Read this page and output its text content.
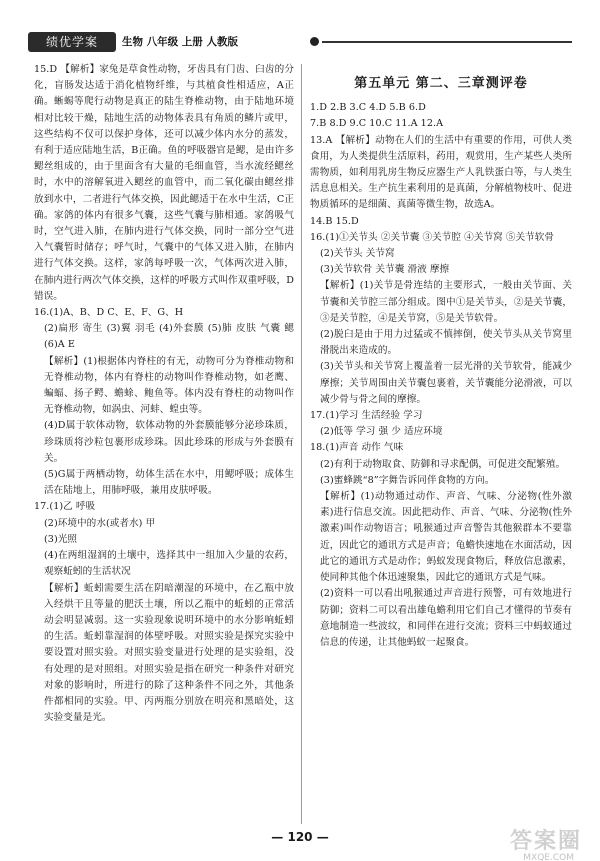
绩优学案	生物 八年级 上册 人教版

15.D 【解析】家兔是草食性动物，牙齿具有门齿、臼齿的分化，盲肠发达适于消化植物纤维，与其植食性相适应，A正确。蜥蜴等爬行动物是真正的陆生脊椎动物，由于陆地环境相对比较干燥，陆地生活的动物体表具有角质的鳞片或甲，这些结构不仅可以保护身体，还可以减少体内水分的蒸发，有利于适应陆地生活，B正确。鱼的呼吸器官是鳃，是由许多鳃丝组成的，由于里面含有大量的毛细血管，当水流经鳃丝时，水中的溶解氧进入鳃丝的血管中，而二氧化碳由鳃丝排放到水中，二者进行气体交换，因此鳃适于在水中生活，C正确。家鸽的体内有很多气囊，这些气囊与肺相通。家鸽吸气时，空气进入肺，在肺内进行气体交换，同时一部分空气进入气囊暂时储存；呼气时，气囊中的气体又进入肺，在肺内进行气体交换。这样，家鸽每呼吸一次，气体两次进入肺，在肺内进行两次气体交换，这样的呼吸方式叫作双重呼吸，D错误。

16.(1)A、B、D C、E、F、G、H

(2)扁形 寄生 (3)翼 羽毛 (4)外套膜 (5)肺 皮肤 气囊 鳃 (6)A E

【解析】(1)根据体内脊柱的有无，动物可分为脊椎动物和无脊椎动物，体内有脊柱的动物叫作脊椎动物，如老鹰、蝙蝠、扬子鳄、蟾蜍、鲍鱼等。体内没有脊柱的动物叫作无脊椎动物，如涡虫、河蚌、蝗虫等。

(4)D属于软体动物，软体动物的外套膜能够分泌珍珠质，珍珠质将沙粒包裹形成珍珠。因此珍珠的形成与外套膜有关。

(5)G属于两栖动物，幼体生活在水中，用鳃呼吸；成体生活在陆地上，用肺呼吸，兼用皮肤呼吸。

17.(1)乙 呼吸

(2)环境中的水(或者水) 甲

(3)光照

(4)在两组湿润的土壤中，选择其中一组加入少量的农药，观察蚯蚓的生活状况

【解析】蚯蚓需要生活在阴暗潮湿的环境中，在乙瓶中放入经烘干且等量的肥沃土壤，所以乙瓶中的蚯蚓的正常活动会明显减弱。这一实验现象说明环境中的水分影响蚯蚓的生活。蚯蚓靠湿润的体壁呼吸。对照实验是探究实验中要设置对照实验。对照实验变量进行处理的是实验组，没有处理的是对照组。对照实验是指在研究一种条件对研究对象的影响时，所进行的除了这种条件不同之外，其他条件都相同的实验。甲、丙两瓶分别放在明亮和黑暗处，这实验变量是光。

第五单元 第二、三章测评卷

1.D 2.B 3.C 4.D 5.B 6.D

7.B 8.D 9.C 10.C 11.A 12.A

13.A 【解析】动物在人们的生活中有重要的作用，可供人类食用，为人类提供生活原料，药用，观赏用，生产某些人类所需物质，如利用乳房生物反应器生产人乳铁蛋白等，与人类生活息息相关。生产抗生素利用的是真菌，分解植物枝叶、促进物质循环的是细菌、真菌等微生物，故选A。

14.B 15.D

16.(1)①关节头 ②关节囊 ③关节腔 ④关节窝 ⑤关节软骨

(2)关节头 关节窝

(3)关节软骨 关节囊 滑液 摩擦

【解析】(1)关节是骨连结的主要形式，一般由关节面、关节囊和关节腔三部分组成。图中①是关节头，②是关节囊，③是关节腔，④是关节窝，⑤是关节软骨。

(2)脱臼是由于用力过猛或不慎摔倒，使关节头从关节窝里滑脱出来造成的。

(3)关节头和关节窝上覆盖着一层光滑的关节软骨，能减少摩擦；关节周围由关节囊包裹着，关节囊能分泌滑液，可以减少骨与骨之间的摩擦。

17.(1)学习 生活经验 学习

(2)低等 学习 强 少 适应环境

18.(1)声音 动作 气味

(2)有利于动物取食、防御和寻求配偶，可促进交配繁殖。

(3)蜜蜂跳“8”字舞告诉同伴食物的方向。

【解析】(1)动物通过动作、声音、气味、分泌物(性外激素)进行信息交流。因此把动作、声音、气味、分泌物(性外激素)叫作动物语言；吼猴通过声音警告其他猴群本不要靠近，因此它的通讯方式是声音；龟蟾快速地在水面活动，因此它的通讯方式是动作；蚂蚁发现食物后，释放信息激素，使同种其他个体迅速聚集，因此它的通讯方式是气味。

(2)资料一可以看出吼猴通过声音进行预警，可有效地进行防御；资料二可以看出雄龟蟾利用它们自己才懂得的节奏有意地制造一些波纹，和同伴在进行交流；资料三中蚂蚁通过信息的传递，让其他蚂蚁一起聚食。

— 120 —	答案圈
MXQE.COM
